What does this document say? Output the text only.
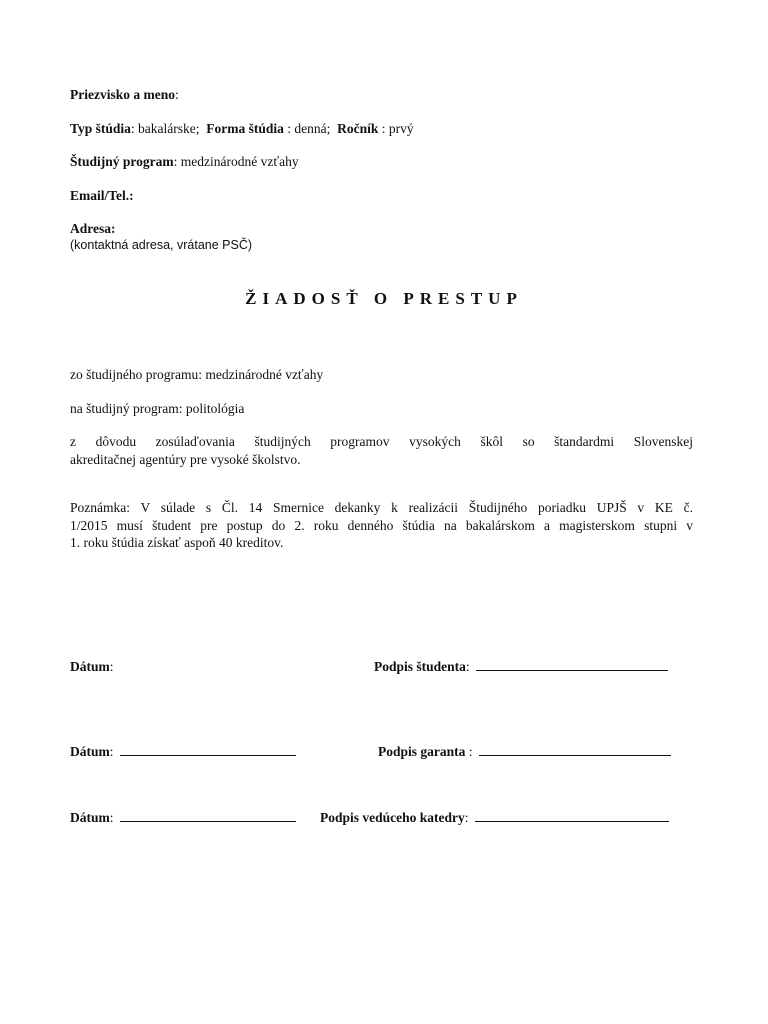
Priezvisko a meno:
Typ štúdia: bakalárske; Forma štúdia : denná; Ročník : prvý
Študijný program: medzinárodné vzťahy
Email/Tel.:
Adresa:
(kontaktná adresa, vrátane PSČ)
ŽIADOSŤ O PRESTUP
zo študijného programu: medzinárodné vzťahy
na študijný program: politológia
z dôvodu zosúlaďovania študijných programov vysokých škôl so štandardmi Slovenskej
akreditačnej agentúry pre vysoké školstvo.
Poznámka: V súlade s Čl. 14 Smernice dekanky k realizácii Študijného poriadku UPJŠ v KE č.
1/2015 musí študent pre postup do 2. roku denného štúdia na bakalárskom a magisterskom stupni v
1. roku štúdia získať aspoň 40 kreditov.
Dátum:	Podpis študenta:
Dátum:	Podpis garanta :
Dátum:	Podpis vedúceho katedry:
